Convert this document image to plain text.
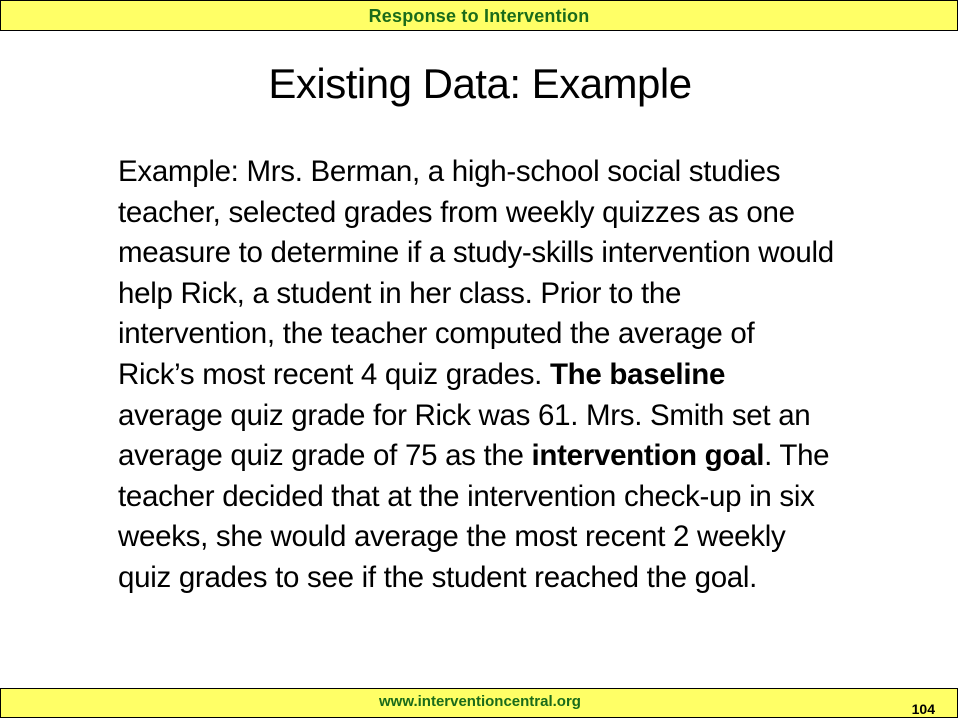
Response to Intervention
Existing Data: Example
Example: Mrs. Berman, a high-school social studies
teacher, selected grades from weekly quizzes as one
measure to determine if a study-skills intervention would
help Rick, a student in her class. Prior to the
intervention, the teacher computed the average of
Rick’s most recent 4 quiz grades. The baseline
average quiz grade for Rick was 61. Mrs. Smith set an
average quiz grade of 75 as the intervention goal. The
teacher decided that at the intervention check-up in six
weeks, she would average the most recent 2 weekly
quiz grades to see if the student reached the goal.
www.interventioncentral.org	104
